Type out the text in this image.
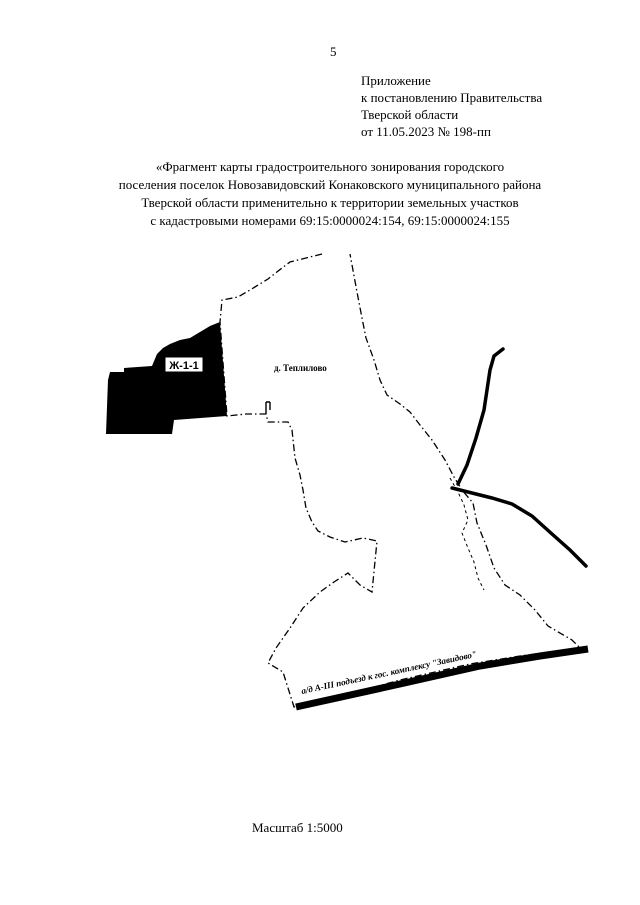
5
Приложение
к постановлению Правительства
Тверской области
от 11.05.2023 № 198-пп
«Фрагмент карты градостроительного зонирования городского
поселения поселок Новозавидовский Конаковского муниципального района
Тверской области применительно к территории земельных участков
с кадастровыми номерами 69:15:0000024:154, 69:15:0000024:155
Ж-1-1	д. Теплилово
а/д А-III подъезд к гос. комплексу "Завидово"
Масштаб 1:5000
